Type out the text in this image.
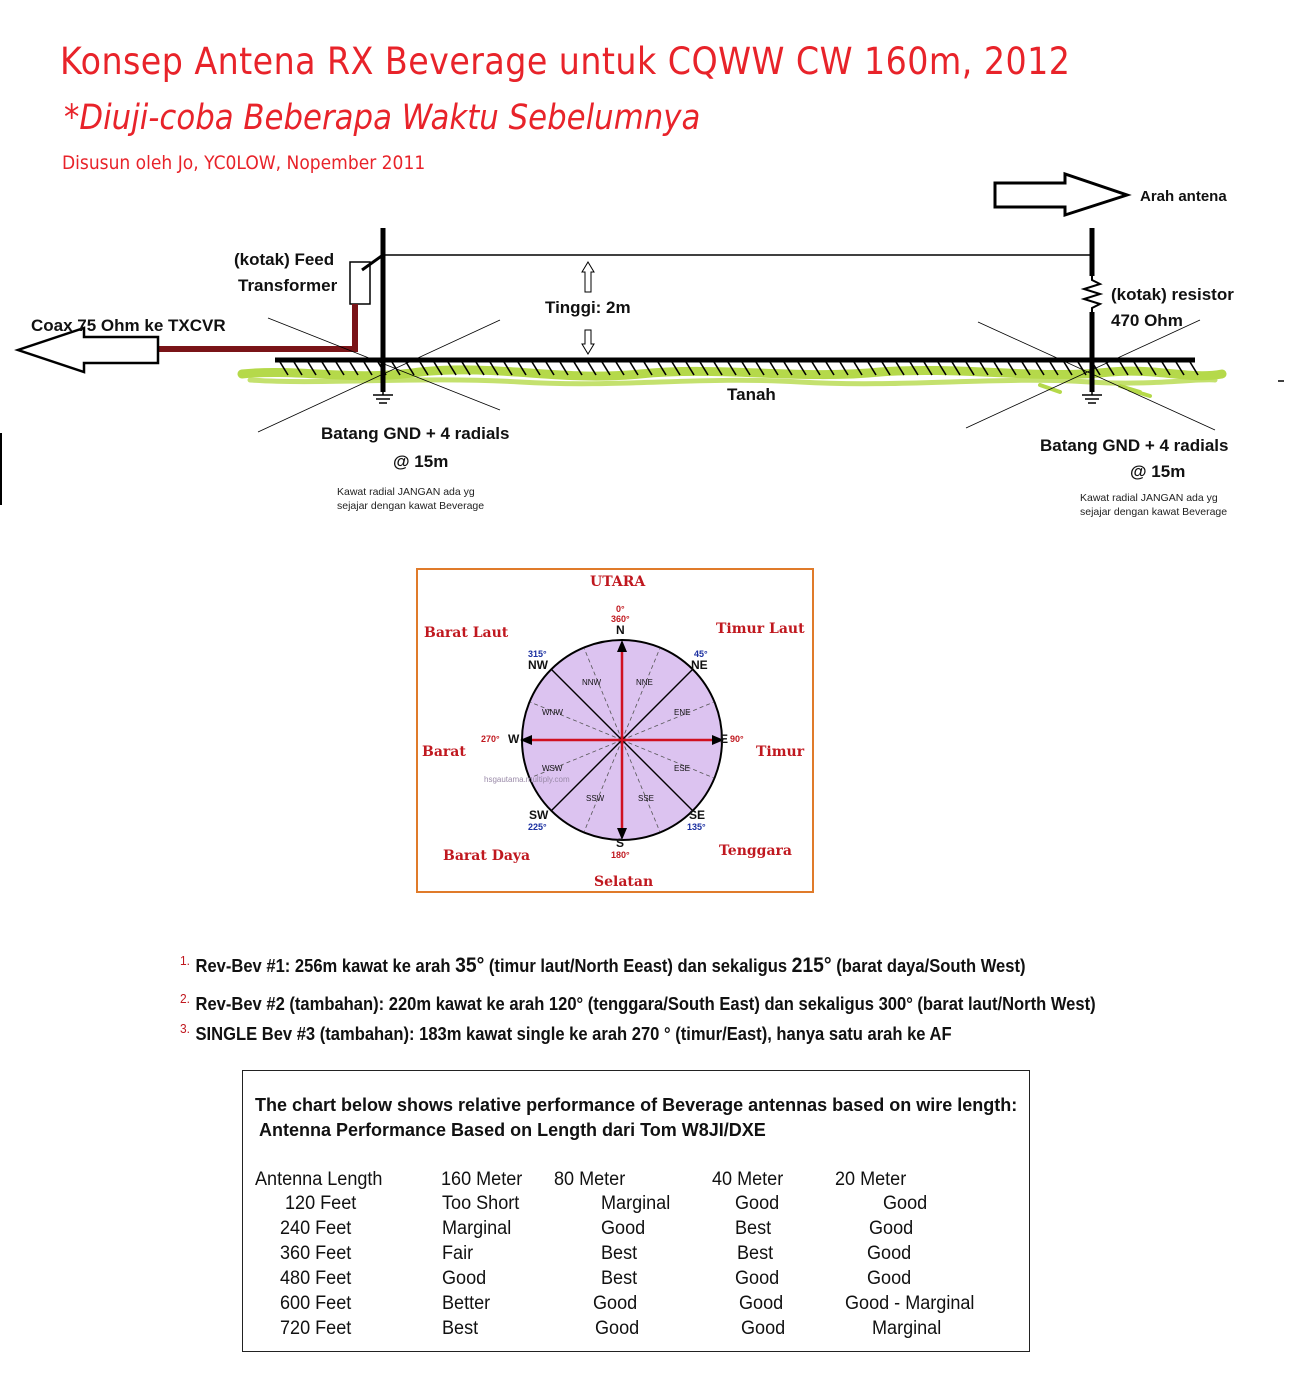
Konsep Antena RX Beverage untuk CQWW CW 160m, 2012
*Diuji-coba Beberapa Waktu Sebelumnya
Disusun oleh Jo, YC0LOW, Nopember 2011
Arah antena
(kotak) Feed
Transformer
Coax 75 Ohm ke TXCVR
Tinggi: 2m
(kotak) resistor
470 Ohm
Tanah
Batang GND + 4 radials
@ 15m
Kawat radial JANGAN ada yg
sejajar dengan kawat Beverage
Batang GND + 4 radials
@ 15m
Kawat radial JANGAN ada yg
sejajar dengan kawat Beverage
UTARA
Selatan
Barat	Timur
Barat Laut	Timur Laut
Barat Daya	Tenggara
0°
360°
N
S
180°
E 90°
W
270°
45°
NE
315°
NW
SE
135°
SW
225°
NNW	NNE
WNW	ENE
WSW	ESE
SSW	SSE
hsgautama.multiply.com
$^{1.}$ Rev-Bev #1: 256m kawat ke arah 35° (timur laut/North Eeast) dan sekaligus 215° (barat daya/South West)
$^{2.}$ Rev-Bev #2 (tambahan): 220m kawat ke arah 120° (tenggara/South East) dan sekaligus 300° (barat laut/North West)
$^{3.}$ SINGLE Bev #3 (tambahan): 183m kawat single ke arah 270 ° (timur/East), hanya satu arah ke AF
The chart below shows relative performance of Beverage antennas based on wire length:
Antenna Performance Based on Length dari Tom W8JI/DXE
Antenna Length	160 Meter 80 Meter	40 Meter	20 Meter
120 Feet	Too Short	Marginal	Good	Good
240 Feet	Marginal	Good	Best	Good
360 Feet	Fair	Best	Best	Good
480 Feet	Good	Best	Good	Good
600 Feet	Better	Good	Good	Good - Marginal
720 Feet	Best	Good	Good	Marginal
